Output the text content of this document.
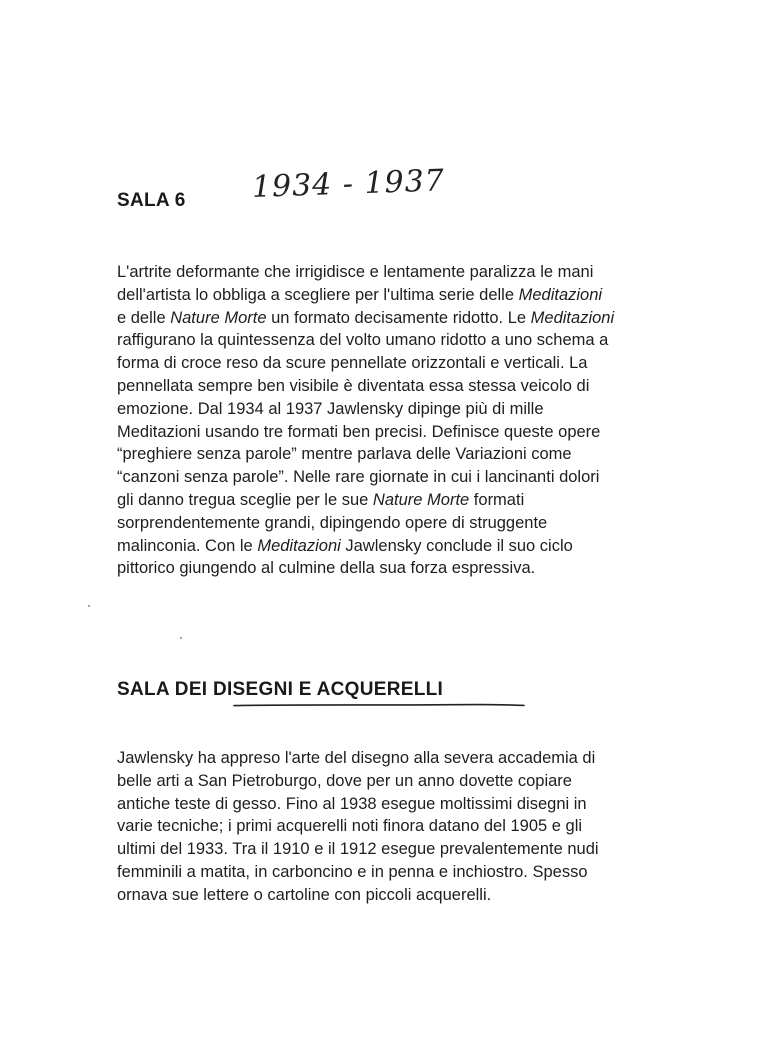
SALA 6 1934 - 1937
L'artrite deformante che irrigidisce e lentamente paralizza le mani
dell'artista lo obbliga a scegliere per l'ultima serie delle Meditazioni
e delle Nature Morte un formato decisamente ridotto. Le Meditazioni
raffigurano la quintessenza del volto umano ridotto a uno schema a
forma di croce reso da scure pennellate orizzontali e verticali. La
pennellata sempre ben visibile è diventata essa stessa veicolo di
emozione. Dal 1934 al 1937 Jawlensky dipinge più di mille
Meditazioni usando tre formati ben precisi. Definisce queste opere
“preghiere senza parole” mentre parlava delle Variazioni come
“canzoni senza parole”. Nelle rare giornate in cui i lancinanti dolori
gli danno tregua sceglie per le sue Nature Morte formati
sorprendentemente grandi, dipingendo opere di struggente
malinconia. Con le Meditazioni Jawlensky conclude il suo ciclo
pittorico giungendo al culmine della sua forza espressiva.
SALA DEI DISEGNI E ACQUERELLI
Jawlensky ha appreso l'arte del disegno alla severa accademia di
belle arti a San Pietroburgo, dove per un anno dovette copiare
antiche teste di gesso. Fino al 1938 esegue moltissimi disegni in
varie tecniche; i primi acquerelli noti finora datano del 1905 e gli
ultimi del 1933. Tra il 1910 e il 1912 esegue prevalentemente nudi
femminili a matita, in carboncino e in penna e inchiostro. Spesso
ornava sue lettere o cartoline con piccoli acquerelli.
